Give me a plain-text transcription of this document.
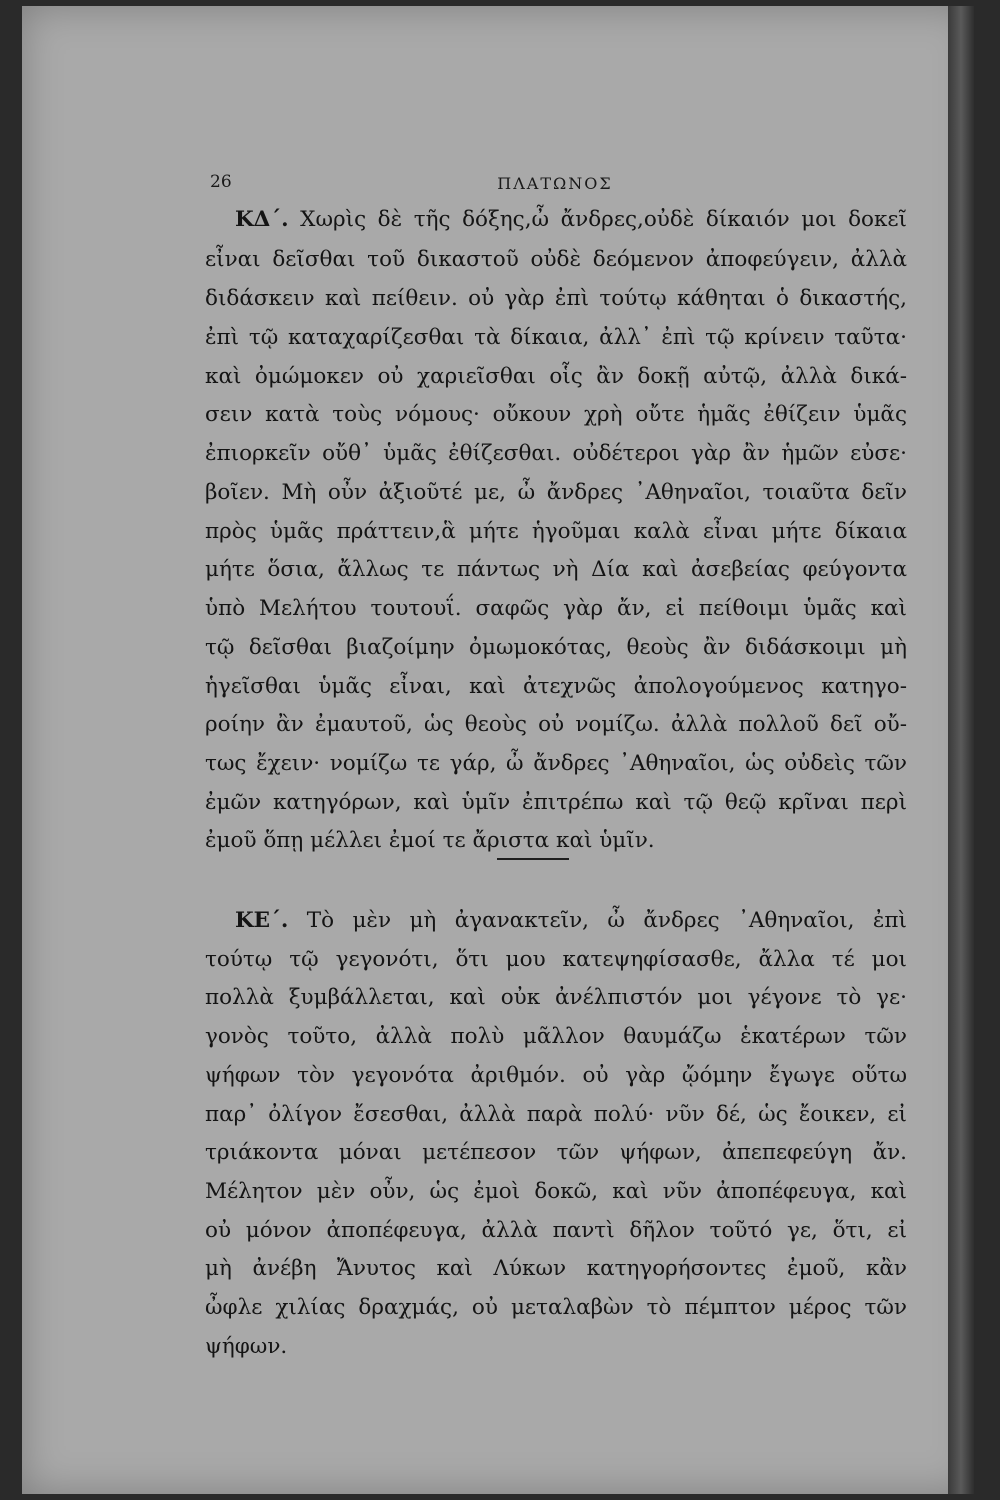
26	ΠΛΑΤΩΝΟΣ
ΚΔ΄. Χωρὶς δὲ τῆς δόξης,ὦ ἄνδρες,οὐδὲ δίκαιόν μοι δοκεῖ
εἶναι δεῖσθαι τοῦ δικαστοῦ οὐδὲ δεόμενον ἀποφεύγειν, ἀλλὰ
διδάσκειν καὶ πείθειν. οὐ γὰρ ἐπὶ τούτῳ κάθηται ὁ δικαστής,
ἐπὶ τῷ καταχαρίζεσθαι τὰ δίκαια, ἀλλ᾽ ἐπὶ τῷ κρίνειν ταῦτα·
καὶ ὀμώμοκεν οὐ χαριεῖσθαι οἷς ἂν δοκῇ αὐτῷ, ἀλλὰ δικά-
σειν κατὰ τοὺς νόμους· οὔκουν χρὴ οὔτε ἡμᾶς ἐθίζειν ὑμᾶς
ἐπιορκεῖν οὔθ᾽ ὑμᾶς ἐθίζεσθαι. οὐδέτεροι γὰρ ἂν ἡμῶν εὐσε·
βοῖεν. Μὴ οὖν ἀξιοῦτέ με, ὦ ἄνδρες ᾽Αθηναῖοι, τοιαῦτα δεῖν
πρὸς ὑμᾶς πράττειν,ἃ μήτε ἡγοῦμαι καλὰ εἶναι μήτε δίκαια
μήτε ὅσια, ἄλλως τε πάντως νὴ Δία καὶ ἀσεβείας φεύγοντα
ὑπὸ Μελήτου τουτουΐ. σαφῶς γὰρ ἄν, εἰ πείθοιμι ὑμᾶς καὶ
τῷ δεῖσθαι βιαζοίμην ὀμωμοκότας, θεοὺς ἂν διδάσκοιμι μὴ
ἡγεῖσθαι ὑμᾶς εἶναι, καὶ ἀτεχνῶς ἀπολογούμενος κατηγο-
ροίην ἂν ἐμαυτοῦ, ὡς θεοὺς οὐ νομίζω. ἀλλὰ πολλοῦ δεῖ οὔ-
τως ἔχειν· νομίζω τε γάρ, ὦ ἄνδρες ᾽Αθηναῖοι, ὡς οὐδεὶς τῶν
ἐμῶν κατηγόρων, καὶ ὑμῖν ἐπιτρέπω καὶ τῷ θεῷ κρῖναι περὶ
ἐμοῦ ὅπῃ μέλλει ἐμοί τε ἄριστα καὶ ὑμῖν.
ΚΕ΄. Τὸ μὲν μὴ ἀγανακτεῖν, ὦ ἄνδρες ᾽Αθηναῖοι, ἐπὶ
τούτῳ τῷ γεγονότι, ὅτι μου κατεψηφίσασθε, ἄλλα τέ μοι
πολλὰ ξυμβάλλεται, καὶ οὐκ ἀνέλπιστόν μοι γέγονε τὸ γε·
γονὸς τοῦτο, ἀλλὰ πολὺ μᾶλλον θαυμάζω ἑκατέρων τῶν
ψήφων τὸν γεγονότα ἀριθμόν. οὐ γὰρ ᾤόμην ἔγωγε οὕτω
παρ᾽ ὀλίγον ἔσεσθαι, ἀλλὰ παρὰ πολύ· νῦν δέ, ὡς ἔοικεν, εἰ
τριάκοντα μόναι μετέπεσον τῶν ψήφων, ἀπεπεφεύγη ἄν.
Μέλητον μὲν οὖν, ὡς ἐμοὶ δοκῶ, καὶ νῦν ἀποπέφευγα, καὶ
οὐ μόνον ἀποπέφευγα, ἀλλὰ παντὶ δῆλον τοῦτό γε, ὅτι, εἰ
μὴ ἀνέβη Ἄνυτος καὶ Λύκων κατηγορήσοντες ἐμοῦ, κἂν
ὦφλε χιλίας δραχμάς, οὐ μεταλαβὼν τὸ πέμπτον μέρος τῶν
ψήφων.
